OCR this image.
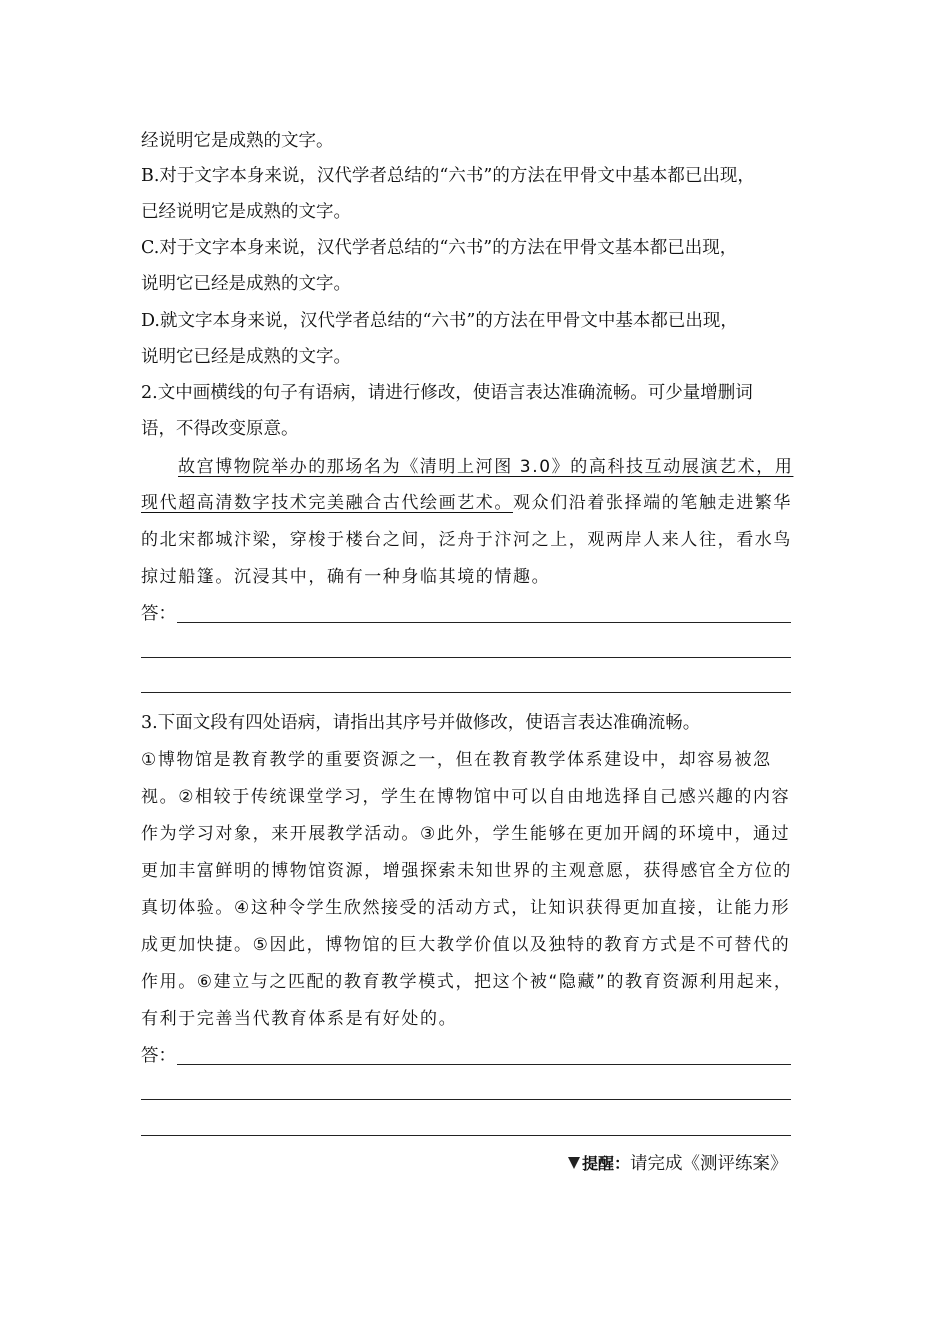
经说明它是成熟的文字。
B.对于文字本身来说，汉代学者总结的“六书”的方法在甲骨文中基本都已出现，
已经说明它是成熟的文字。
C.对于文字本身来说，汉代学者总结的“六书”的方法在甲骨文基本都已出现，
说明它已经是成熟的文字。
D.就文字本身来说，汉代学者总结的“六书”的方法在甲骨文中基本都已出现，
说明它已经是成熟的文字。
2.文中画横线的句子有语病，请进行修改，使语言表达准确流畅。可少量增删词
语，不得改变原意。
故宫博物院举办的那场名为《清明上河图 3.0》的高科技互动展演艺术，用
现代超高清数字技术完美融合古代绘画艺术。观众们沿着张择端的笔触走进繁华
的北宋都城汴梁，穿梭于楼台之间，泛舟于汴河之上，观两岸人来人往，看水鸟
掠过船篷。沉浸其中，确有一种身临其境的情趣。
答：
3.下面文段有四处语病，请指出其序号并做修改，使语言表达准确流畅。
①博物馆是教育教学的重要资源之一，但在教育教学体系建设中，却容易被忽
视。②相较于传统课堂学习，学生在博物馆中可以自由地选择自己感兴趣的内容
作为学习对象，来开展教学活动。③此外，学生能够在更加开阔的环境中，通过
更加丰富鲜明的博物馆资源，增强探索未知世界的主观意愿，获得感官全方位的
真切体验。④这种令学生欣然接受的活动方式，让知识获得更加直接，让能力形
成更加快捷。⑤因此，博物馆的巨大教学价值以及独特的教育方式是不可替代的
作用。⑥建立与之匹配的教育教学模式，把这个被“隐藏”的教育资源利用起来，
有利于完善当代教育体系是有好处的。
答：
提醒：请完成《测评练案》
